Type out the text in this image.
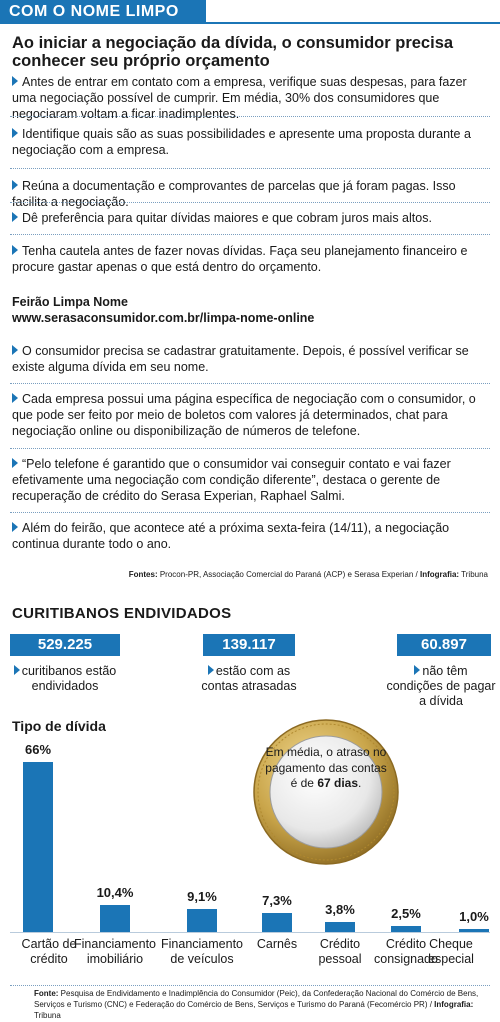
COM O NOME LIMPO
Ao iniciar a negociação da dívida, o consumidor precisa conhecer seu próprio orçamento
Antes de entrar em contato com a empresa, verifique suas despesas, para fazer uma negociação possível de cumprir. Em média, 30% dos consumidores que negociaram voltam a ficar inadimplentes.
Identifique quais são as suas possibilidades e apresente uma proposta durante a negociação com a empresa.
Reúna a documentação e comprovantes de parcelas que já foram pagas. Isso facilita a negociação.
Dê preferência para quitar dívidas maiores e que cobram juros mais altos.
Tenha cautela antes de fazer novas dívidas. Faça seu planejamento financeiro e procure gastar apenas o que está dentro do orçamento.
Feirão Limpa Nome
www.serasaconsumidor.com.br/limpa-nome-online
O consumidor precisa se cadastrar gratuitamente. Depois, é possível verificar se existe alguma dívida em seu nome.
Cada empresa possui uma página específica de negociação com o consumidor, o que pode ser feito por meio de boletos com valores já determinados, chat para negociação online ou disponibilização de números de telefone.
“Pelo telefone é garantido que o consumidor vai conseguir contato e vai fazer efetivamente uma negociação com condição diferente”, destaca o gerente de recuperação de crédito do Serasa Experian, Raphael Salmi.
Além do feirão, que acontece até a próxima sexta-feira (14/11), a negociação continua durante todo o ano.
Fontes: Procon-PR, Associação Comercial do Paraná (ACP) e Serasa Experian / Infografia: Tribuna
CURITIBANOS ENDIVIDADOS
529.225	139.117	60.897
curitibanos estão endividados
estão com as contas atrasadas
não têm condições de pagar a dívida
Tipo de dívida
Em média, o atraso no pagamento das contas é de 67 dias.
66%
Cartão de crédito
10,4%
Financiamento imobiliário
9,1%
Financiamento de veículos
7,3%
Carnês
3,8%
Crédito pessoal
2,5%
Crédito consignado
1,0%
Cheque especial
Fonte: Pesquisa de Endividamento e Inadimplência do Consumidor (Peic), da Confederação Nacional do Comércio de Bens, Serviços e Turismo (CNC) e Federação do Comércio de Bens, Serviços e Turismo do Paraná (Fecomércio PR) / Infografia: Tribuna
